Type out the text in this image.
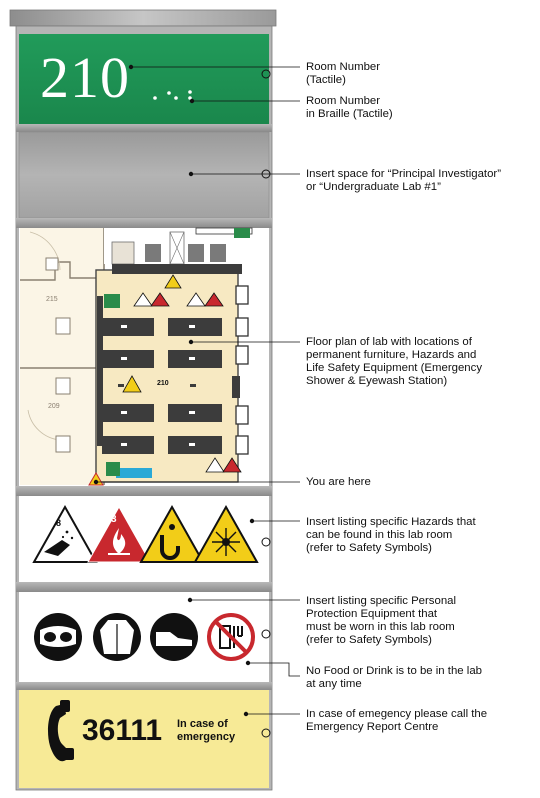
210
215
209
210
8	3
36111 In case of
emergency
Room Number
(Tactile)
Room Number
in Braille (Tactile)
Insert space for “Principal Investigator”
or “Undergraduate Lab #1”
Floor plan of lab with locations of
permanent furniture, Hazards and
Life Safety Equipment (Emergency
Shower & Eyewash Station)
You are here
Insert listing specific Hazards that
can be found in this lab room
(refer to Safety Symbols)
Insert listing specific Personal
Protection Equipment that
must be worn in this lab room
(refer to Safety Symbols)
No Food or Drink is to be in the lab
at any time
In case of emegency please call the
Emergency Report Centre
